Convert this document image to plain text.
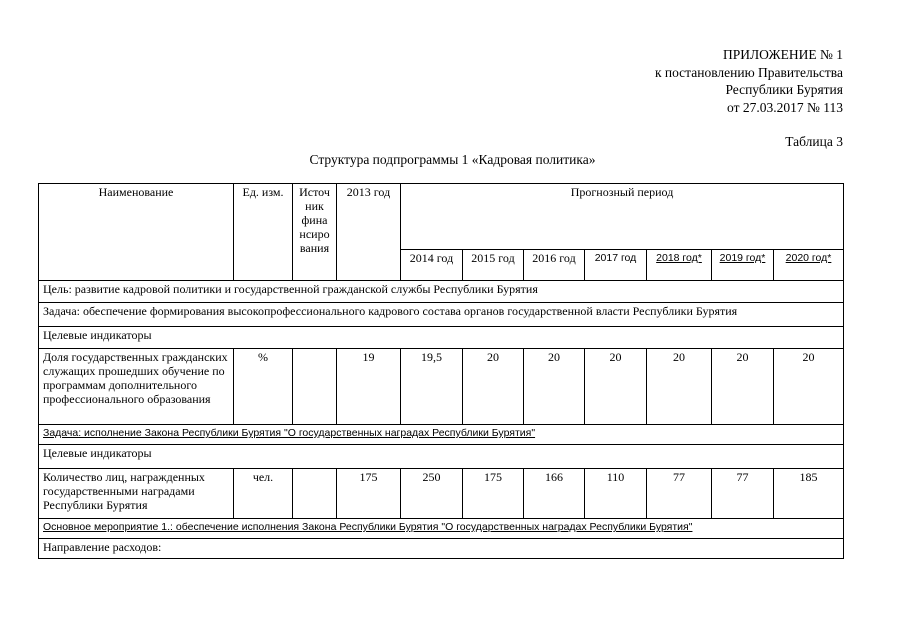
ПРИЛОЖЕНИЕ № 1
к постановлению Правительства
Республики Бурятия
от 27.03.2017 № 113
Таблица 3
Структура подпрограммы 1 «Кадровая политика»
Наименование	Ед. изм.	Источ ник фина нсиро вания	2013 год	Прогнозный период						
				2014 год	2015 год	2016 год	2017 год	2018 год*	2019 год*	2020 год*
Цель: развитие кадровой политики и государственной гражданской службы Республики Бурятия										
Задача: обеспечение формирования высокопрофессионального кадрового состава органов государственной власти Республики Бурятия										
Целевые индикаторы										
Доля государственных гражданских служащих прошедших обучение по программам дополнительного профессионального образования	%		19	19,5	20	20	20	20	20	20
Задача: исполнение Закона Республики Бурятия "О государственных наградах Республики Бурятия"										
Целевые индикаторы										
Количество лиц, награжденных государственными наградами Республики Бурятия	чел.		175	250	175	166	110	77	77	185
Основное мероприятие 1.: обеспечение исполнения Закона Республики Бурятия "О государственных наградах Республики Бурятия"										
Направление расходов:										
